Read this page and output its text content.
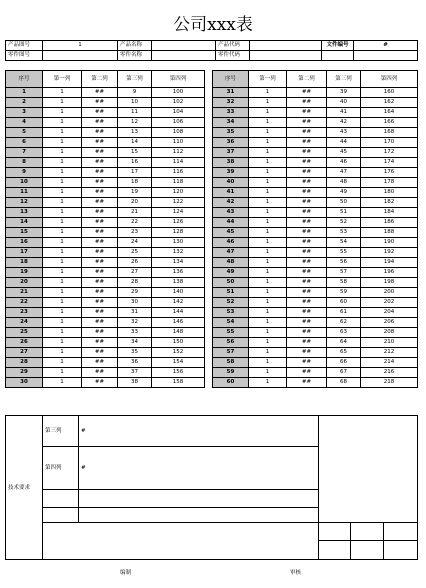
公司xxx表
产品图号	1	产品名称		产品代码		文件编号	#
零件图号		零件名称		零件代码			
序号	第一列	第二列	第三列	第四列
1	1	##	9	100
2	1	##	10	102
3	1	##	11	104
4	1	##	12	106
5	1	##	13	108
6	1	##	14	110
7	1	##	15	112
8	1	##	16	114
9	1	##	17	116
10	1	##	18	118
11	1	##	19	120
12	1	##	20	122
13	1	##	21	124
14	1	##	22	126
15	1	##	23	128
16	1	##	24	130
17	1	##	25	132
18	1	##	26	134
19	1	##	27	136
20	1	##	28	138
21	1	##	29	140
22	1	##	30	142
23	1	##	31	144
24	1	##	32	146
25	1	##	33	148
26	1	##	34	150
27	1	##	35	152
28	1	##	36	154
29	1	##	37	156
30	1	##	38	158
序号	第一列	第二列	第三列	第四列
31	1	##	39	160
32	1	##	40	162
33	1	##	41	164
34	1	##	42	166
35	1	##	43	168
36	1	##	44	170
37	1	##	45	172
38	1	##	46	174
39	1	##	47	176
40	1	##	48	178
41	1	##	49	180
42	1	##	50	182
43	1	##	51	184
44	1	##	52	186
45	1	##	53	188
46	1	##	54	190
47	1	##	55	192
48	1	##	56	194
49	1	##	57	196
50	1	##	58	198
51	1	##	59	200
52	1	##	60	202
53	1	##	61	204
54	1	##	62	206
55	1	##	63	208
56	1	##	64	210
57	1	##	65	212
58	1	##	66	214
59	1	##	67	216
60	1	##	68	218
技术要求	第三列	#			
	第四列	#			

编制	审核
